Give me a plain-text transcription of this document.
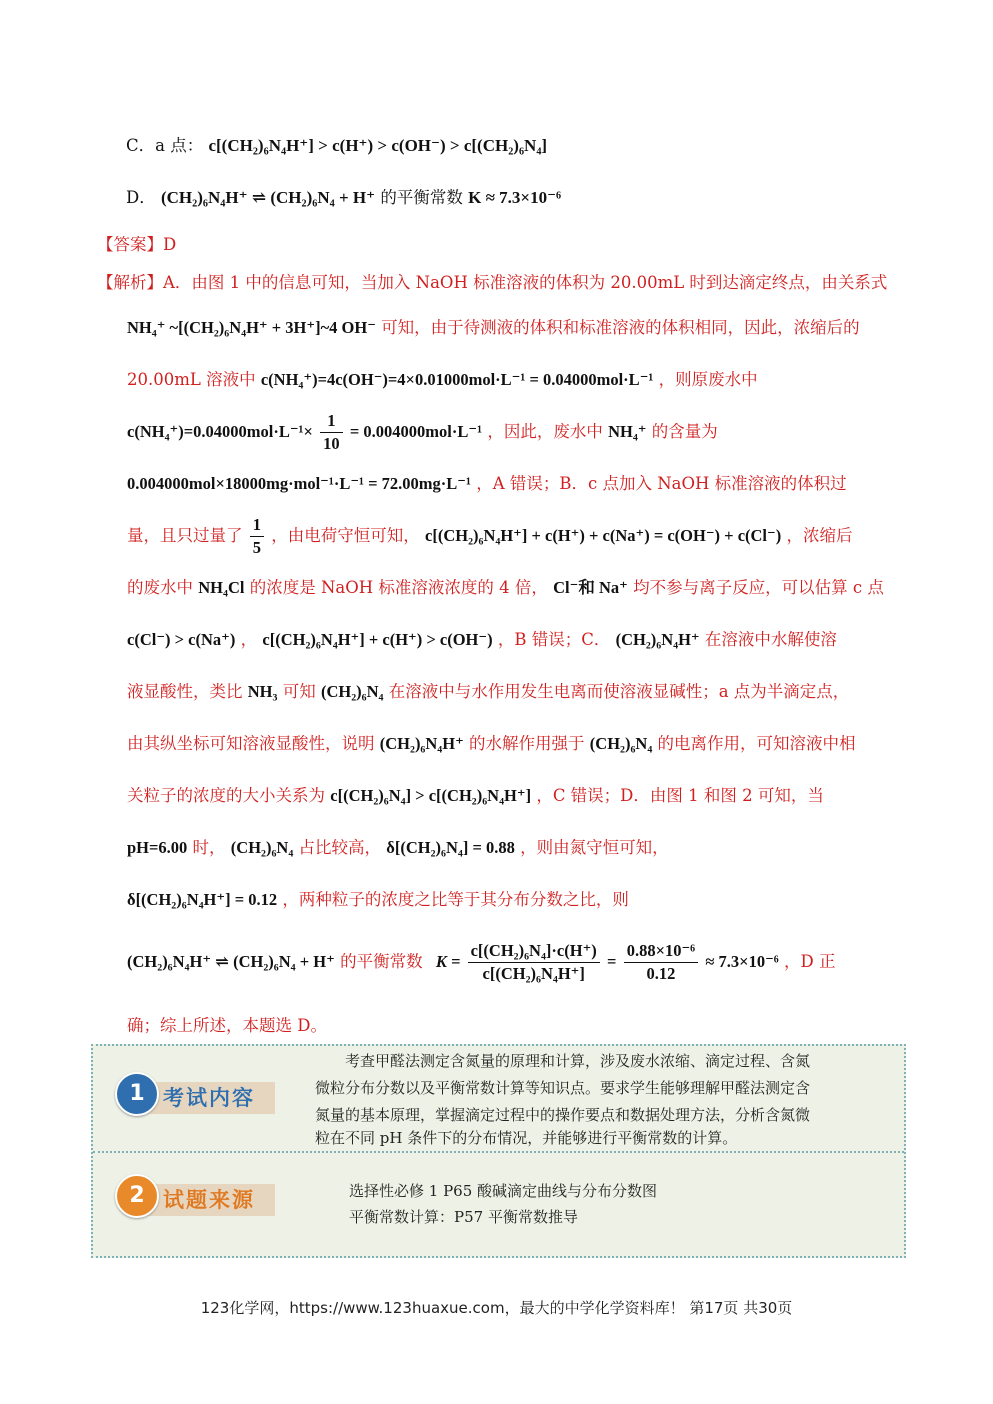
C．a 点： c[(CH₂)₆N₄H⁺] > c(H⁺) > c(OH⁻) > c[(CH₂)₆N₄]
D． (CH₂)₆N₄H⁺ ⇌ (CH₂)₆N₄ + H⁺ 的平衡常数 K ≈ 7.3×10⁻⁶
【答案】D
【解析】A．由图 1 中的信息可知，当加入 NaOH 标准溶液的体积为 20.00mL 时到达滴定终点，由关系式
NH₄⁺ ~[(CH₂)₆N₄H⁺ + 3H⁺]~4 OH⁻ 可知，由于待测液的体积和标准溶液的体积相同，因此，浓缩后的
20.00mL 溶液中 c(NH₄⁺)=4c(OH⁻)=4×0.01000mol·L⁻¹ = 0.04000mol·L⁻¹ ，则原废水中
$c(NH_4^+)=0.04000mol\cdot L^{-1}\times \frac{1}{10} = 0.004000mol\cdot L^{-1}$ ，因此，废水中 NH₄⁺ 的含量为
0.004000mol×18000mg·mol⁻¹·L⁻¹ = 72.00mg·L⁻¹ ，A 错误；B．c 点加入 NaOH 标准溶液的体积过
量，且只过量了 $\frac{1}{5}$ ，由电荷守恒可知， c[(CH₂)₆N₄H⁺] + c(H⁺) + c(Na⁺) = c(OH⁻) + c(Cl⁻) ，浓缩后
的废水中 NH₄Cl 的浓度是 NaOH 标准溶液浓度的 4 倍， Cl⁻和 Na⁺ 均不参与离子反应，可以估算 c 点
c(Cl⁻) > c(Na⁺) ， c[(CH₂)₆N₄H⁺] + c(H⁺) > c(OH⁻) ，B 错误；C． (CH₂)₆N₄H⁺ 在溶液中水解使溶
液显酸性，类比 NH₃ 可知 (CH₂)₆N₄ 在溶液中与水作用发生电离而使溶液显碱性；a 点为半滴定点，
由其纵坐标可知溶液显酸性，说明 (CH₂)₆N₄H⁺ 的水解作用强于 (CH₂)₆N₄ 的电离作用，可知溶液中相
关粒子的浓度的大小关系为 c[(CH₂)₆N₄] > c[(CH₂)₆N₄H⁺] ，C 错误；D．由图 1 和图 2 可知，当
pH=6.00 时， (CH₂)₆N₄ 占比较高， δ[(CH₂)₆N₄] = 0.88 ，则由氮守恒可知，
δ[(CH₂)₆N₄H⁺] = 0.12 ，两种粒子的浓度之比等于其分布分数之比，则
(CH₂)₆N₄H⁺ ⇌ (CH₂)₆N₄ + H⁺ 的平衡常数 $K = \frac{\text{c[(CH₂)₆N₄]·c(H⁺)}}{\text{c[(CH₂)₆N₄H⁺]}} = \frac{\text{0.88×10⁻⁶}}{0.12} \approx 7.3\times 10^{-6}$ ，D 正
确；综上所述，本题选 D。
1 考试内容
考查甲醛法测定含氮量的原理和计算，涉及废水浓缩、滴定过程、含氮
微粒分布分数以及平衡常数计算等知识点。要求学生能够理解甲醛法测定含
氮量的基本原理，掌握滴定过程中的操作要点和数据处理方法，分析含氮微
粒在不同 pH 条件下的分布情况，并能够进行平衡常数的计算。
2 试题来源	选择性必修 1 P65 酸碱滴定曲线与分布分数图
平衡常数计算：P57 平衡常数推导
123化学网，https://www.123huaxue.com，最大的中学化学资料库！ 第17页 共30页
